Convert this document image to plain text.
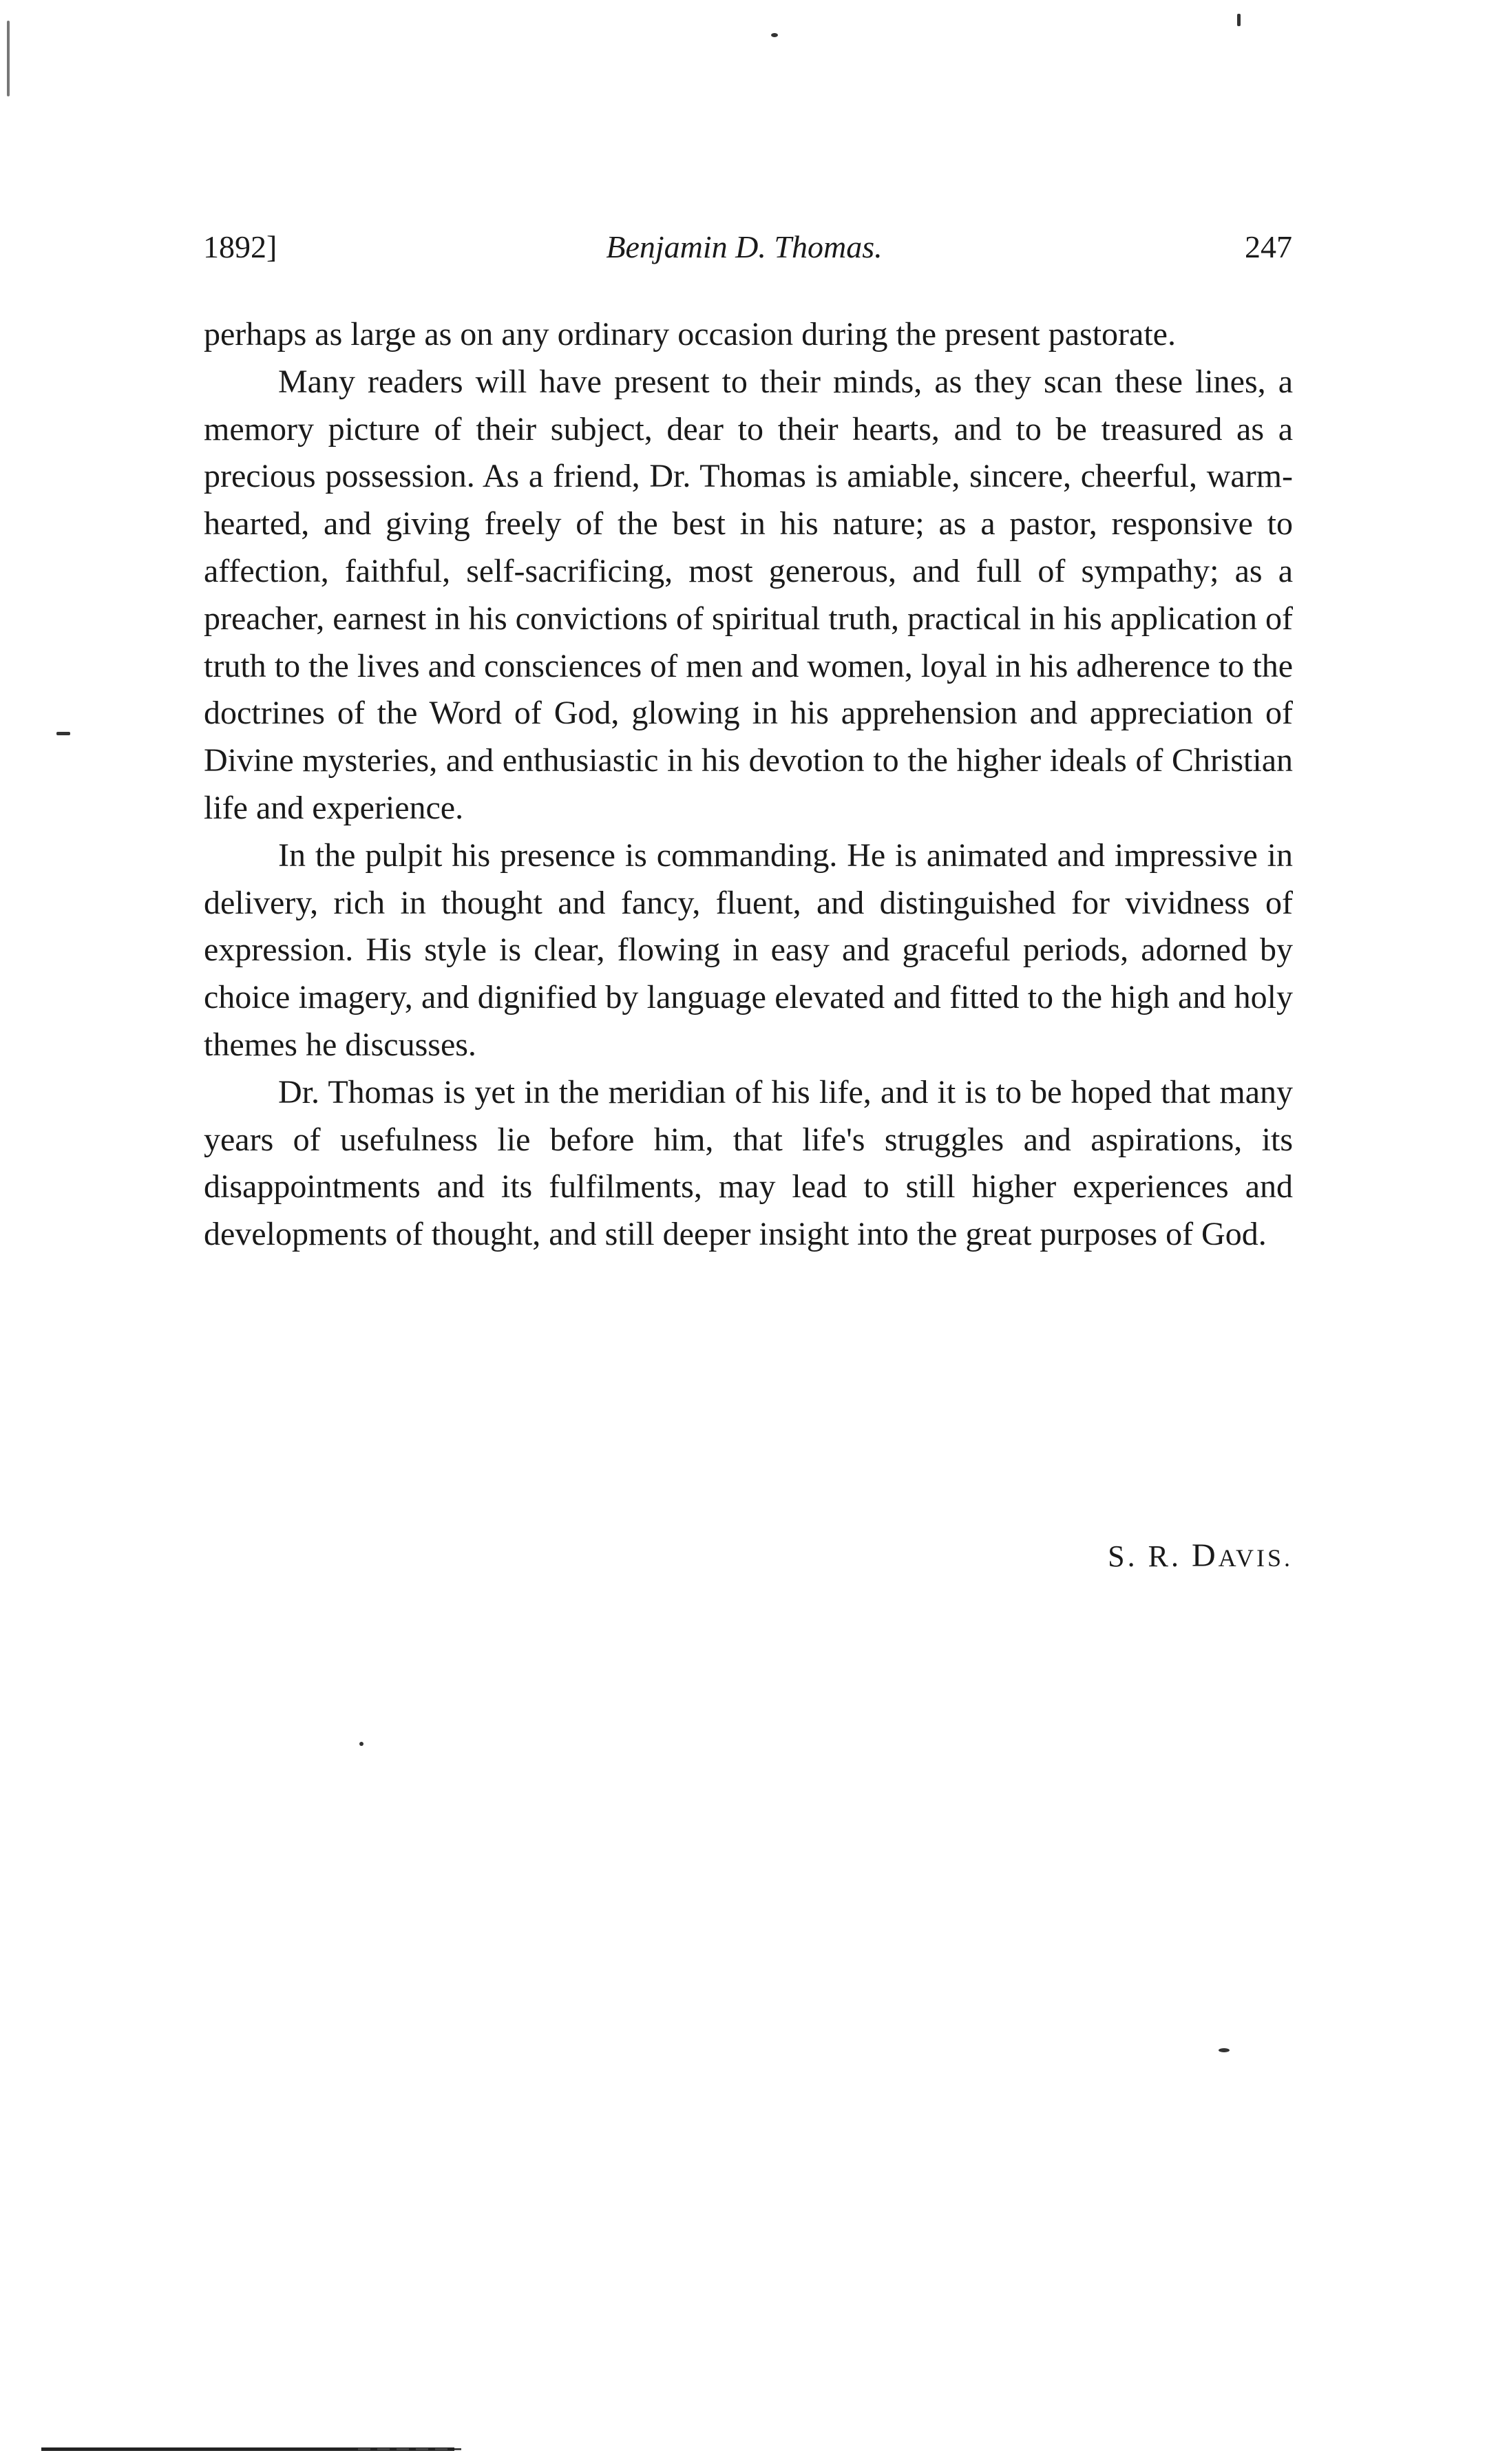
1892]	Benjamin D. Thomas.	247

perhaps as large as on any ordinary occasion during the present pastorate.

Many readers will have present to their minds, as they scan these lines, a memory picture of their subject, dear to their hearts, and to be treasured as a precious possession. As a friend, Dr. Thomas is amiable, sincere, cheerful, warm-hearted, and giving freely of the best in his nature; as a pastor, responsive to affection, faithful, self-sacrificing, most generous, and full of sympathy; as a preacher, earnest in his convictions of spiritual truth, practical in his application of truth to the lives and consciences of men and women, loyal in his adherence to the doctrines of the Word of God, glowing in his apprehension and appreciation of Divine mysteries, and enthusiastic in his devotion to the higher ideals of Christian life and experience.

In the pulpit his presence is commanding. He is animated and impressive in delivery, rich in thought and fancy, fluent, and distinguished for vividness of expression. His style is clear, flowing in easy and graceful periods, adorned by choice imagery, and dignified by language elevated and fitted to the high and holy themes he discusses.

Dr. Thomas is yet in the meridian of his life, and it is to be hoped that many years of usefulness lie before him, that life's struggles and aspirations, its disappointments and its fulfilments, may lead to still higher experiences and developments of thought, and still deeper insight into the great purposes of God.

S. R. DAVIS.
